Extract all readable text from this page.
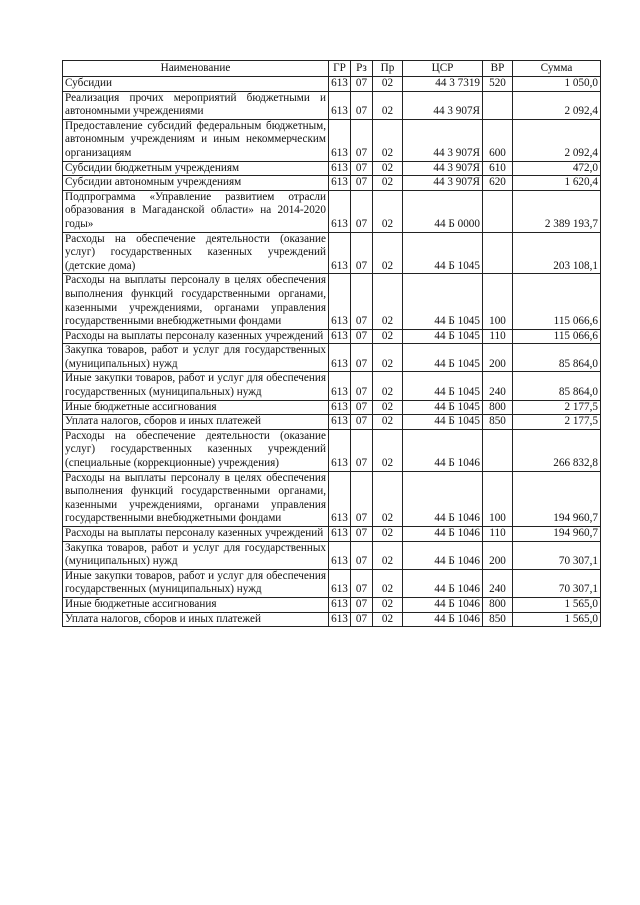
Наименование	ГР	Рз	Пр	ЦСР	ВР	Сумма
Субсидии	613	07	02	44 3 7319	520	1 050,0
Реализация прочих мероприятий бюджетными и автономными учреждениями	613	07	02	44 3 907Я		2 092,4
Предоставление субсидий федеральным бюджетным, автономным учреждениям и иным некоммерческим организациям	613	07	02	44 3 907Я	600	2 092,4
Субсидии бюджетным учреждениям	613	07	02	44 3 907Я	610	472,0
Субсидии автономным учреждениям	613	07	02	44 3 907Я	620	1 620,4
Подпрограмма «Управление развитием отрасли образования в Магаданской области» на 2014-2020 годы»	613	07	02	44 Б 0000		2 389 193,7
Расходы на обеспечение деятельности (оказание услуг) государственных казенных учреждений (детские дома)	613	07	02	44 Б 1045		203 108,1
Расходы на выплаты персоналу в целях обеспечения выполнения функций государственными органами, казенными учреждениями, органами управления государственными внебюджетными фондами	613	07	02	44 Б 1045	100	115 066,6
Расходы на выплаты персоналу казенных учреждений	613	07	02	44 Б 1045	110	115 066,6
Закупка товаров, работ и услуг для государственных (муниципальных) нужд	613	07	02	44 Б 1045	200	85 864,0
Иные закупки товаров, работ и услуг для обеспечения государственных (муниципальных) нужд	613	07	02	44 Б 1045	240	85 864,0
Иные бюджетные ассигнования	613	07	02	44 Б 1045	800	2 177,5
Уплата налогов, сборов и иных платежей	613	07	02	44 Б 1045	850	2 177,5
Расходы на обеспечение деятельности (оказание услуг) государственных казенных учреждений (специальные (коррекционные) учреждения)	613	07	02	44 Б 1046		266 832,8
Расходы на выплаты персоналу в целях обеспечения выполнения функций государственными органами, казенными учреждениями, органами управления государственными внебюджетными фондами	613	07	02	44 Б 1046	100	194 960,7
Расходы на выплаты персоналу казенных учреждений	613	07	02	44 Б 1046	110	194 960,7
Закупка товаров, работ и услуг для государственных (муниципальных) нужд	613	07	02	44 Б 1046	200	70 307,1
Иные закупки товаров, работ и услуг для обеспечения государственных (муниципальных) нужд	613	07	02	44 Б 1046	240	70 307,1
Иные бюджетные ассигнования	613	07	02	44 Б 1046	800	1 565,0
Уплата налогов, сборов и иных платежей	613	07	02	44 Б 1046	850	1 565,0
